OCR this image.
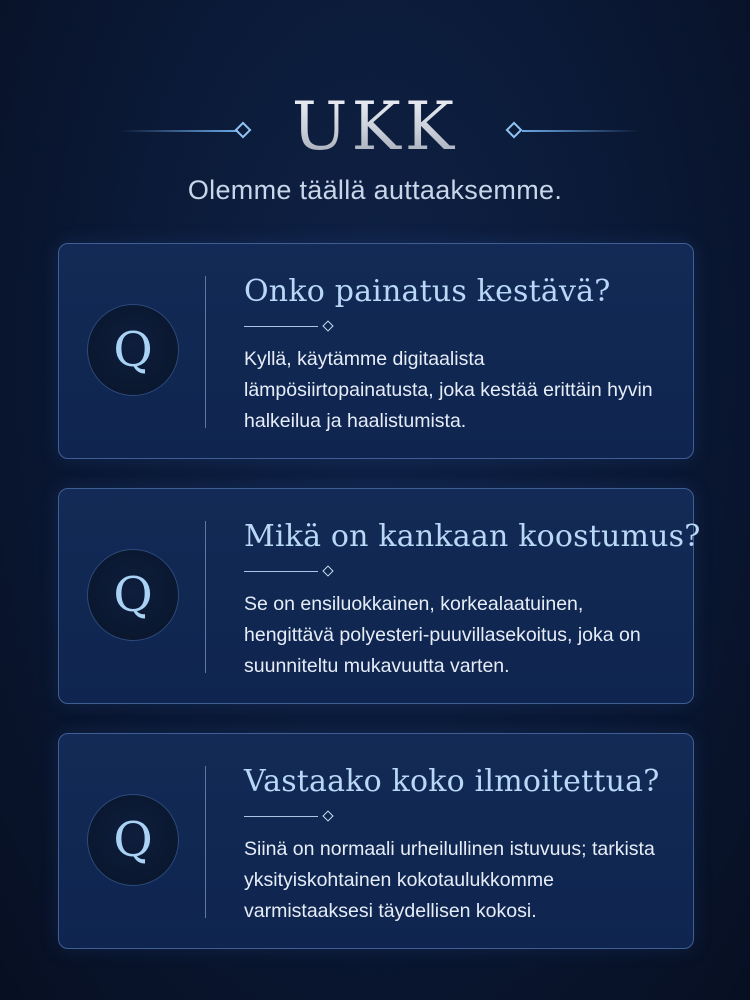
UKK
Olemme täällä auttaaksemme.
Q
Onko painatus kestävä?
Kyllä, käytämme digitaalista lämpösiirtopainatusta, joka kestää erittäin hyvin halkeilua ja haalistumista.
Q
Mikä on kankaan koostumus?
Se on ensiluokkainen, korkealaatuinen, hengittävä polyesteri-puuvillasekoitus, joka on suunniteltu mukavuutta varten.
Q
Vastaako koko ilmoitettua?
Siinä on normaali urheilullinen istuvuus; tarkista yksityiskohtainen kokotaulukkomme varmistaaksesi täydellisen kokosi.
